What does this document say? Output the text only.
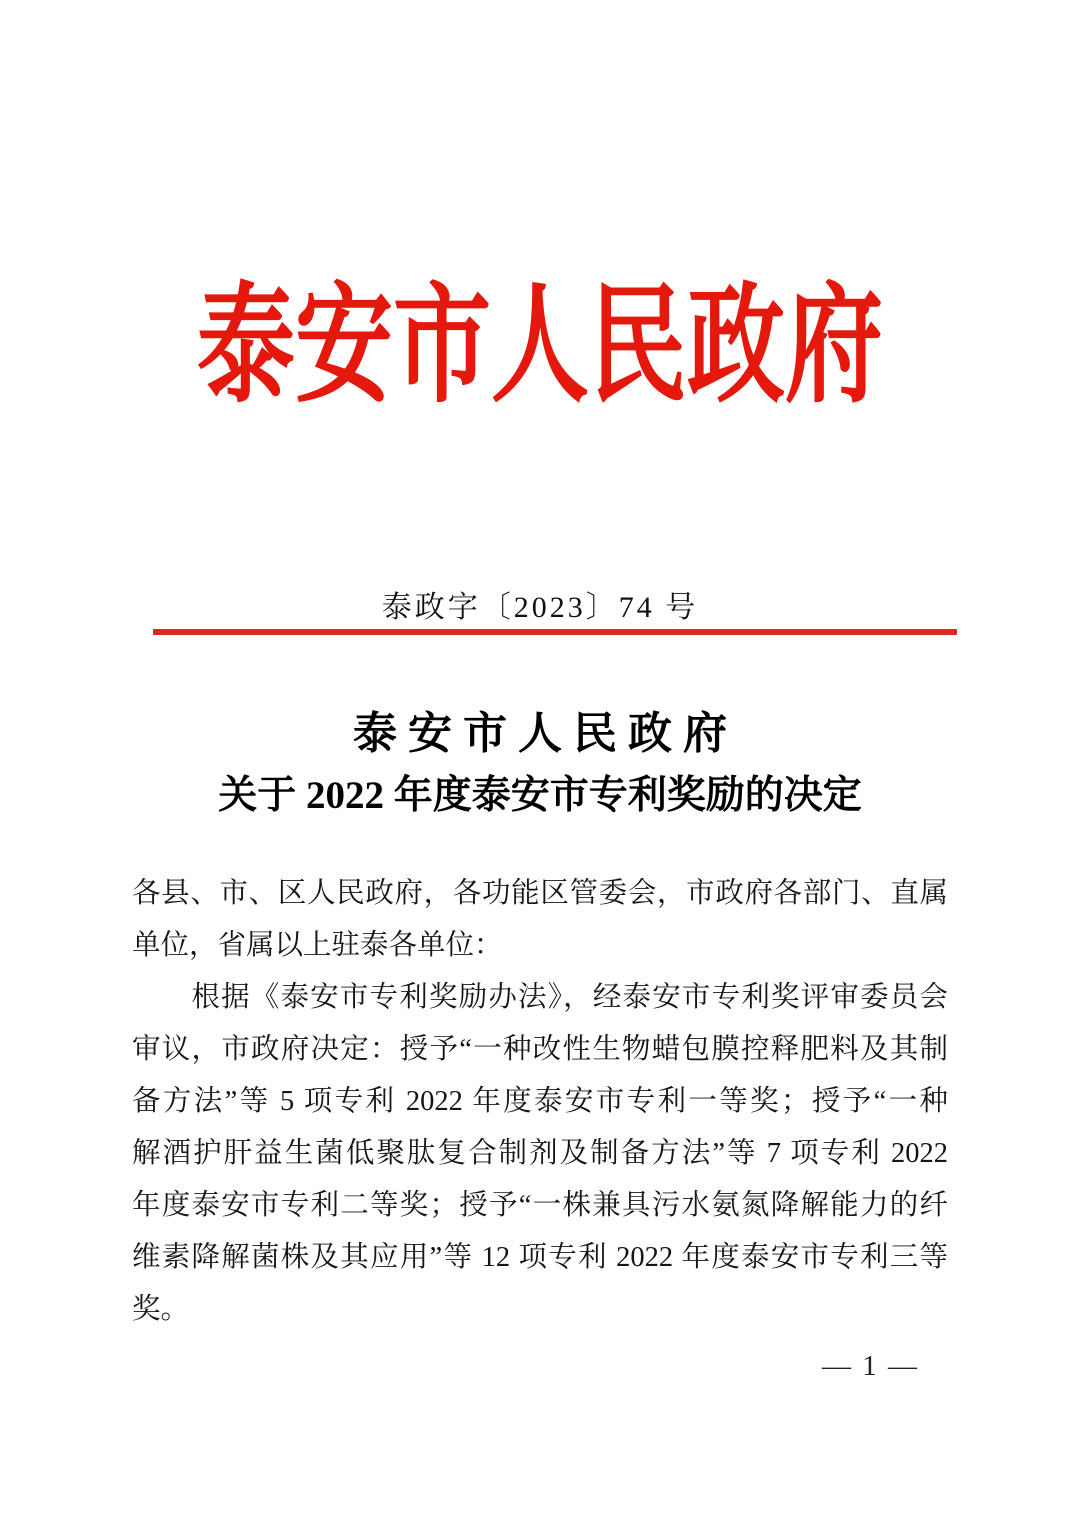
泰安市人民政府
泰政字〔2023〕74 号
泰 安 市 人 民 政 府
关于 2022 年度泰安市专利奖励的决定
各县、市、区人民政府，各功能区管委会，市政府各部门、直属
单位，省属以上驻泰各单位：
　　根据《泰安市专利奖励办法》，经泰安市专利奖评审委员会
审议，市政府决定：授予“一种改性生物蜡包膜控释肥料及其制
备方法”等 5 项专利 2022 年度泰安市专利一等奖；授予“一种
解酒护肝益生菌低聚肽复合制剂及制备方法”等 7 项专利 2022
年度泰安市专利二等奖；授予“一株兼具污水氨氮降解能力的纤
维素降解菌株及其应用”等 12 项专利 2022 年度泰安市专利三等
奖。
— 1 —
